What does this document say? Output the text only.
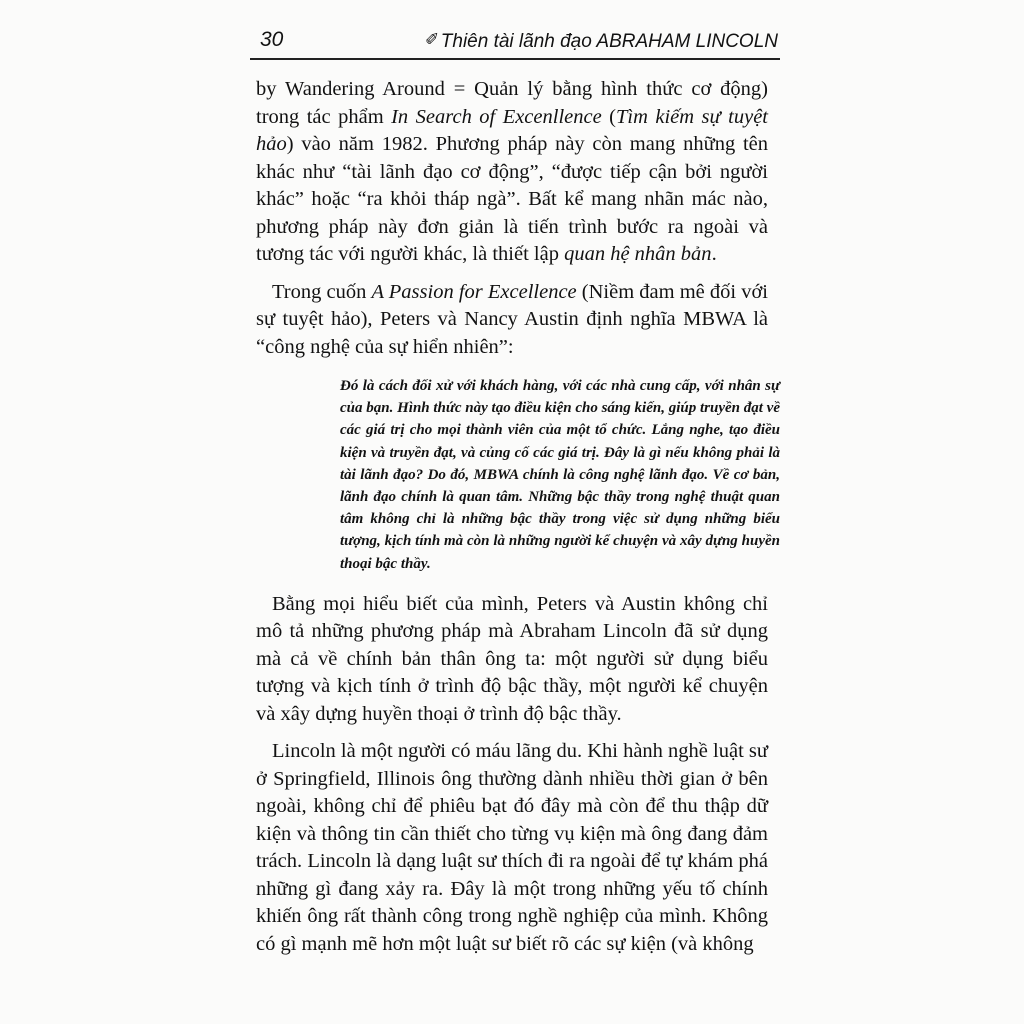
30	✐ Thiên tài lãnh đạo ABRAHAM LINCOLN

by Wandering Around = Quản lý bằng hình thức cơ động) trong tác phẩm In Search of Excenllence (Tìm kiếm sự tuyệt hảo) vào năm 1982. Phương pháp này còn mang những tên khác như “tài lãnh đạo cơ động”, “được tiếp cận bởi người khác” hoặc “ra khỏi tháp ngà”. Bất kể mang nhãn mác nào, phương pháp này đơn giản là tiến trình bước ra ngoài và tương tác với người khác, là thiết lập quan hệ nhân bản.

Trong cuốn A Passion for Excellence (Niềm đam mê đối với sự tuyệt hảo), Peters và Nancy Austin định nghĩa MBWA là “công nghệ của sự hiển nhiên”:

Đó là cách đối xử với khách hàng, với các nhà cung cấp, với nhân sự của bạn. Hình thức này tạo điều kiện cho sáng kiến, giúp truyền đạt về các giá trị cho mọi thành viên của một tổ chức. Lắng nghe, tạo điều kiện và truyền đạt, và củng cố các giá trị. Đây là gì nếu không phải là tài lãnh đạo? Do đó, MBWA chính là công nghệ lãnh đạo. Về cơ bản, lãnh đạo chính là quan tâm. Những bậc thầy trong nghệ thuật quan tâm không chỉ là những bậc thầy trong việc sử dụng những biểu tượng, kịch tính mà còn là những người kể chuyện và xây dựng huyền thoại bậc thầy.

Bằng mọi hiểu biết của mình, Peters và Austin không chỉ mô tả những phương pháp mà Abraham Lincoln đã sử dụng mà cả về chính bản thân ông ta: một người sử dụng biểu tượng và kịch tính ở trình độ bậc thầy, một người kể chuyện và xây dựng huyền thoại ở trình độ bậc thầy.

Lincoln là một người có máu lãng du. Khi hành nghề luật sư ở Springfield, Illinois ông thường dành nhiều thời gian ở bên ngoài, không chỉ để phiêu bạt đó đây mà còn để thu thập dữ kiện và thông tin cần thiết cho từng vụ kiện mà ông đang đảm trách. Lincoln là dạng luật sư thích đi ra ngoài để tự khám phá những gì đang xảy ra. Đây là một trong những yếu tố chính khiến ông rất thành công trong nghề nghiệp của mình. Không có gì mạnh mẽ hơn một luật sư biết rõ các sự kiện (và không
